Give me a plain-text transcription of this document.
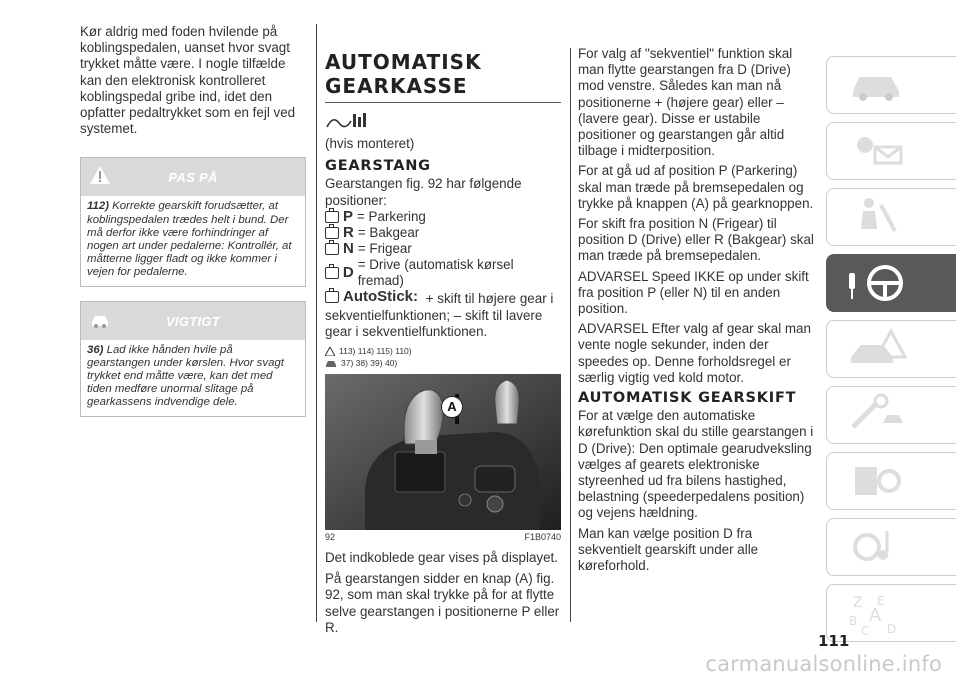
Kør aldrig med foden hvilende på koblingspedalen, uanset hvor svagt trykket måtte være. I nogle tilfælde kan den elektronisk kontrolleret koblingspedal gribe ind, idet den opfatter pedaltrykket som en fejl ved systemet.

PAS PÅ
112) Korrekte gearskift forudsætter, at koblingspedalen trædes helt i bund. Der må derfor ikke være forhindringer af nogen art under pedalerne: Kontrollér, at måtterne ligger fladt og ikke kommer i vejen for pedalerne.
VIGTIGT
36) Lad ikke hånden hvile på gearstangen under kørslen. Hvor svagt trykket end måtte være, kan det med tiden medføre unormal slitage på gearkassens indvendige dele.
AUTOMATISK
GEARKASSE
(hvis monteret)
GEARSTANG
Gearstangen fig. 92 har følgende positioner:
P = Parkering
R = Bakgear
N = Frigear
D = Drive (automatisk kørsel fremad)
AutoStick: + skift til højere gear i sekventielfunktionen; – skift til lavere gear i sekventielfunktionen.
113) 114) 115) 110)
37) 38) 39) 40)
A
92	F1B0740

Det indkoblede gear vises på displayet.

På gearstangen sidder en knap (A) fig. 92, som man skal trykke på for at flytte selve gearstangen i positionerne P eller R.

For valg af "sekventiel" funktion skal man flytte gearstangen fra D (Drive) mod venstre. Således kan man nå positionerne + (højere gear) eller – (lavere gear). Disse er ustabile positioner og gearstangen går altid tilbage i midterposition.

For at gå ud af position P (Parkering) skal man træde på bremsepedalen og trykke på knappen (A) på gearknoppen.

For skift fra position N (Frigear) til position D (Drive) eller R (Bakgear) skal man træde på bremsepedalen.

ADVARSEL Speed IKKE op under skift fra position P (eller N) til en anden position.

ADVARSEL Efter valg af gear skal man vente nogle sekunder, inden der speedes op. Denne forholdsregel er særlig vigtig ved kold motor.

AUTOMATISK GEARSKIFT

For at vælge den automatiske kørefunktion skal du stille gearstangen i D (Drive): Den optimale gearudveksling vælges af gearets elektroniske styreenhed ud fra bilens hastighed, belastning (speederpedalens position) og vejens hældning.

Man kan vælge position D fra sekventielt gearskift under alle køreforhold.

Z E
B A
C D
111
carmanualsonline.info
